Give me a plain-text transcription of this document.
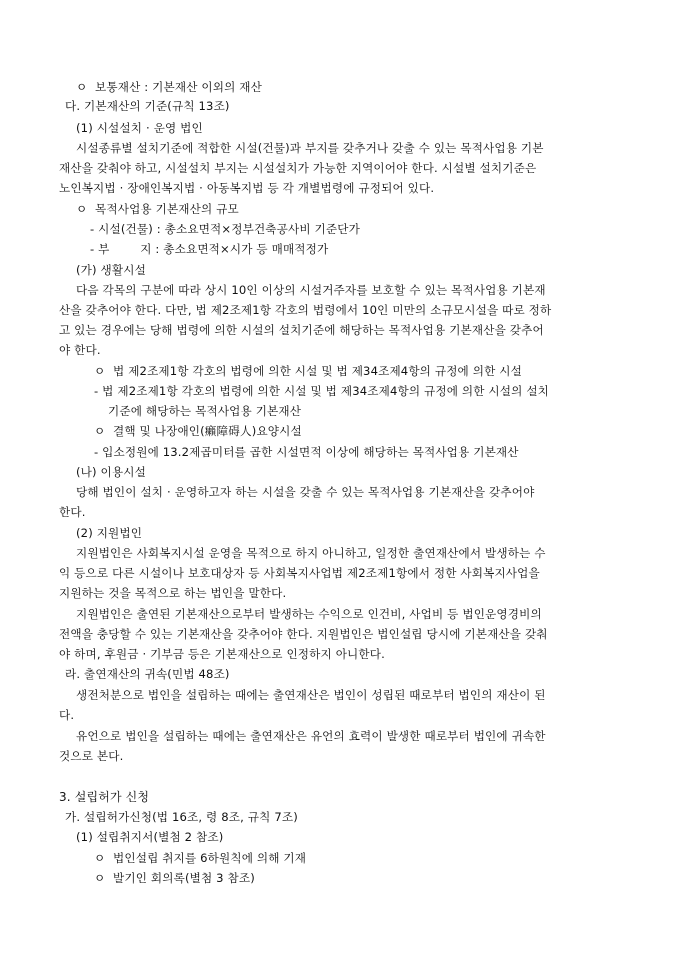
ㅇ  보통재산 : 기본재산 이외의 재산
다. 기본재산의 기준(규칙 13조)
(1) 시설설치 · 운영 법인
시설종류별 설치기준에 적합한 시설(건물)과 부지를 갖추거나 갖출 수 있는 목적사업용 기본
재산을 갖춰야 하고, 시설설치 부지는 시설설치가 가능한 지역이어야 한다. 시설별 설치기준은
노인복지법 · 장애인복지법 · 아동복지법 등 각 개별법령에 규정되어 있다.
ㅇ  목적사업용 기본재산의 규모
- 시설(건물) : 총소요면적×정부건축공사비 기준단가
- 부        지 : 총소요면적×시가 등 매매적정가
(가) 생활시설
다음 각목의 구분에 따라 상시 10인 이상의 시설거주자를 보호할 수 있는 목적사업용 기본재
산을 갖추어야 한다. 다만, 법 제2조제1항 각호의 법령에서 10인 미만의 소규모시설을 따로 정하
고 있는 경우에는 당해 법령에 의한 시설의 설치기준에 해당하는 목적사업용 기본재산을 갖추어
야 한다.
ㅇ  법 제2조제1항 각호의 법령에 의한 시설 및 법 제34조제4항의 규정에 의한 시설
- 법 제2조제1항 각호의 법령에 의한 시설 및 법 제34조제4항의 규정에 의한 시설의 설치
기준에 해당하는 목적사업용 기본재산
ㅇ  결핵 및 나장애인(癩障碍人)요양시설
- 입소정원에 13.2제곱미터를 곱한 시설면적 이상에 해당하는 목적사업용 기본재산
(나) 이용시설
당해 법인이 설치 · 운영하고자 하는 시설을 갖출 수 있는 목적사업용 기본재산을 갖추어야
한다.
(2) 지원법인
지원법인은 사회복지시설 운영을 목적으로 하지 아니하고, 일정한 출연재산에서 발생하는 수
익 등으로 다른 시설이나 보호대상자 등 사회복지사업법 제2조제1항에서 정한 사회복지사업을
지원하는 것을 목적으로 하는 법인을 말한다.
지원법인은 출연된 기본재산으로부터 발생하는 수익으로 인건비, 사업비 등 법인운영경비의
전액을 충당할 수 있는 기본재산을 갖추어야 한다. 지원법인은 법인설립 당시에 기본재산을 갖춰
야 하며, 후원금 · 기부금 등은 기본재산으로 인정하지 아니한다.
라. 출연재산의 귀속(민법 48조)
생전처분으로 법인을 설립하는 때에는 출연재산은 법인이 성립된 때로부터 법인의 재산이 된
다.
유언으로 법인을 설립하는 때에는 출연재산은 유언의 효력이 발생한 때로부터 법인에 귀속한
것으로 본다.
3. 설립허가 신청
가. 설립허가신청(법 16조, 령 8조, 규칙 7조)
(1) 설립취지서(별첨 2 참조)
ㅇ  법인설립 취지를 6하원칙에 의해 기재
ㅇ  발기인 회의록(별첨 3 참조)
